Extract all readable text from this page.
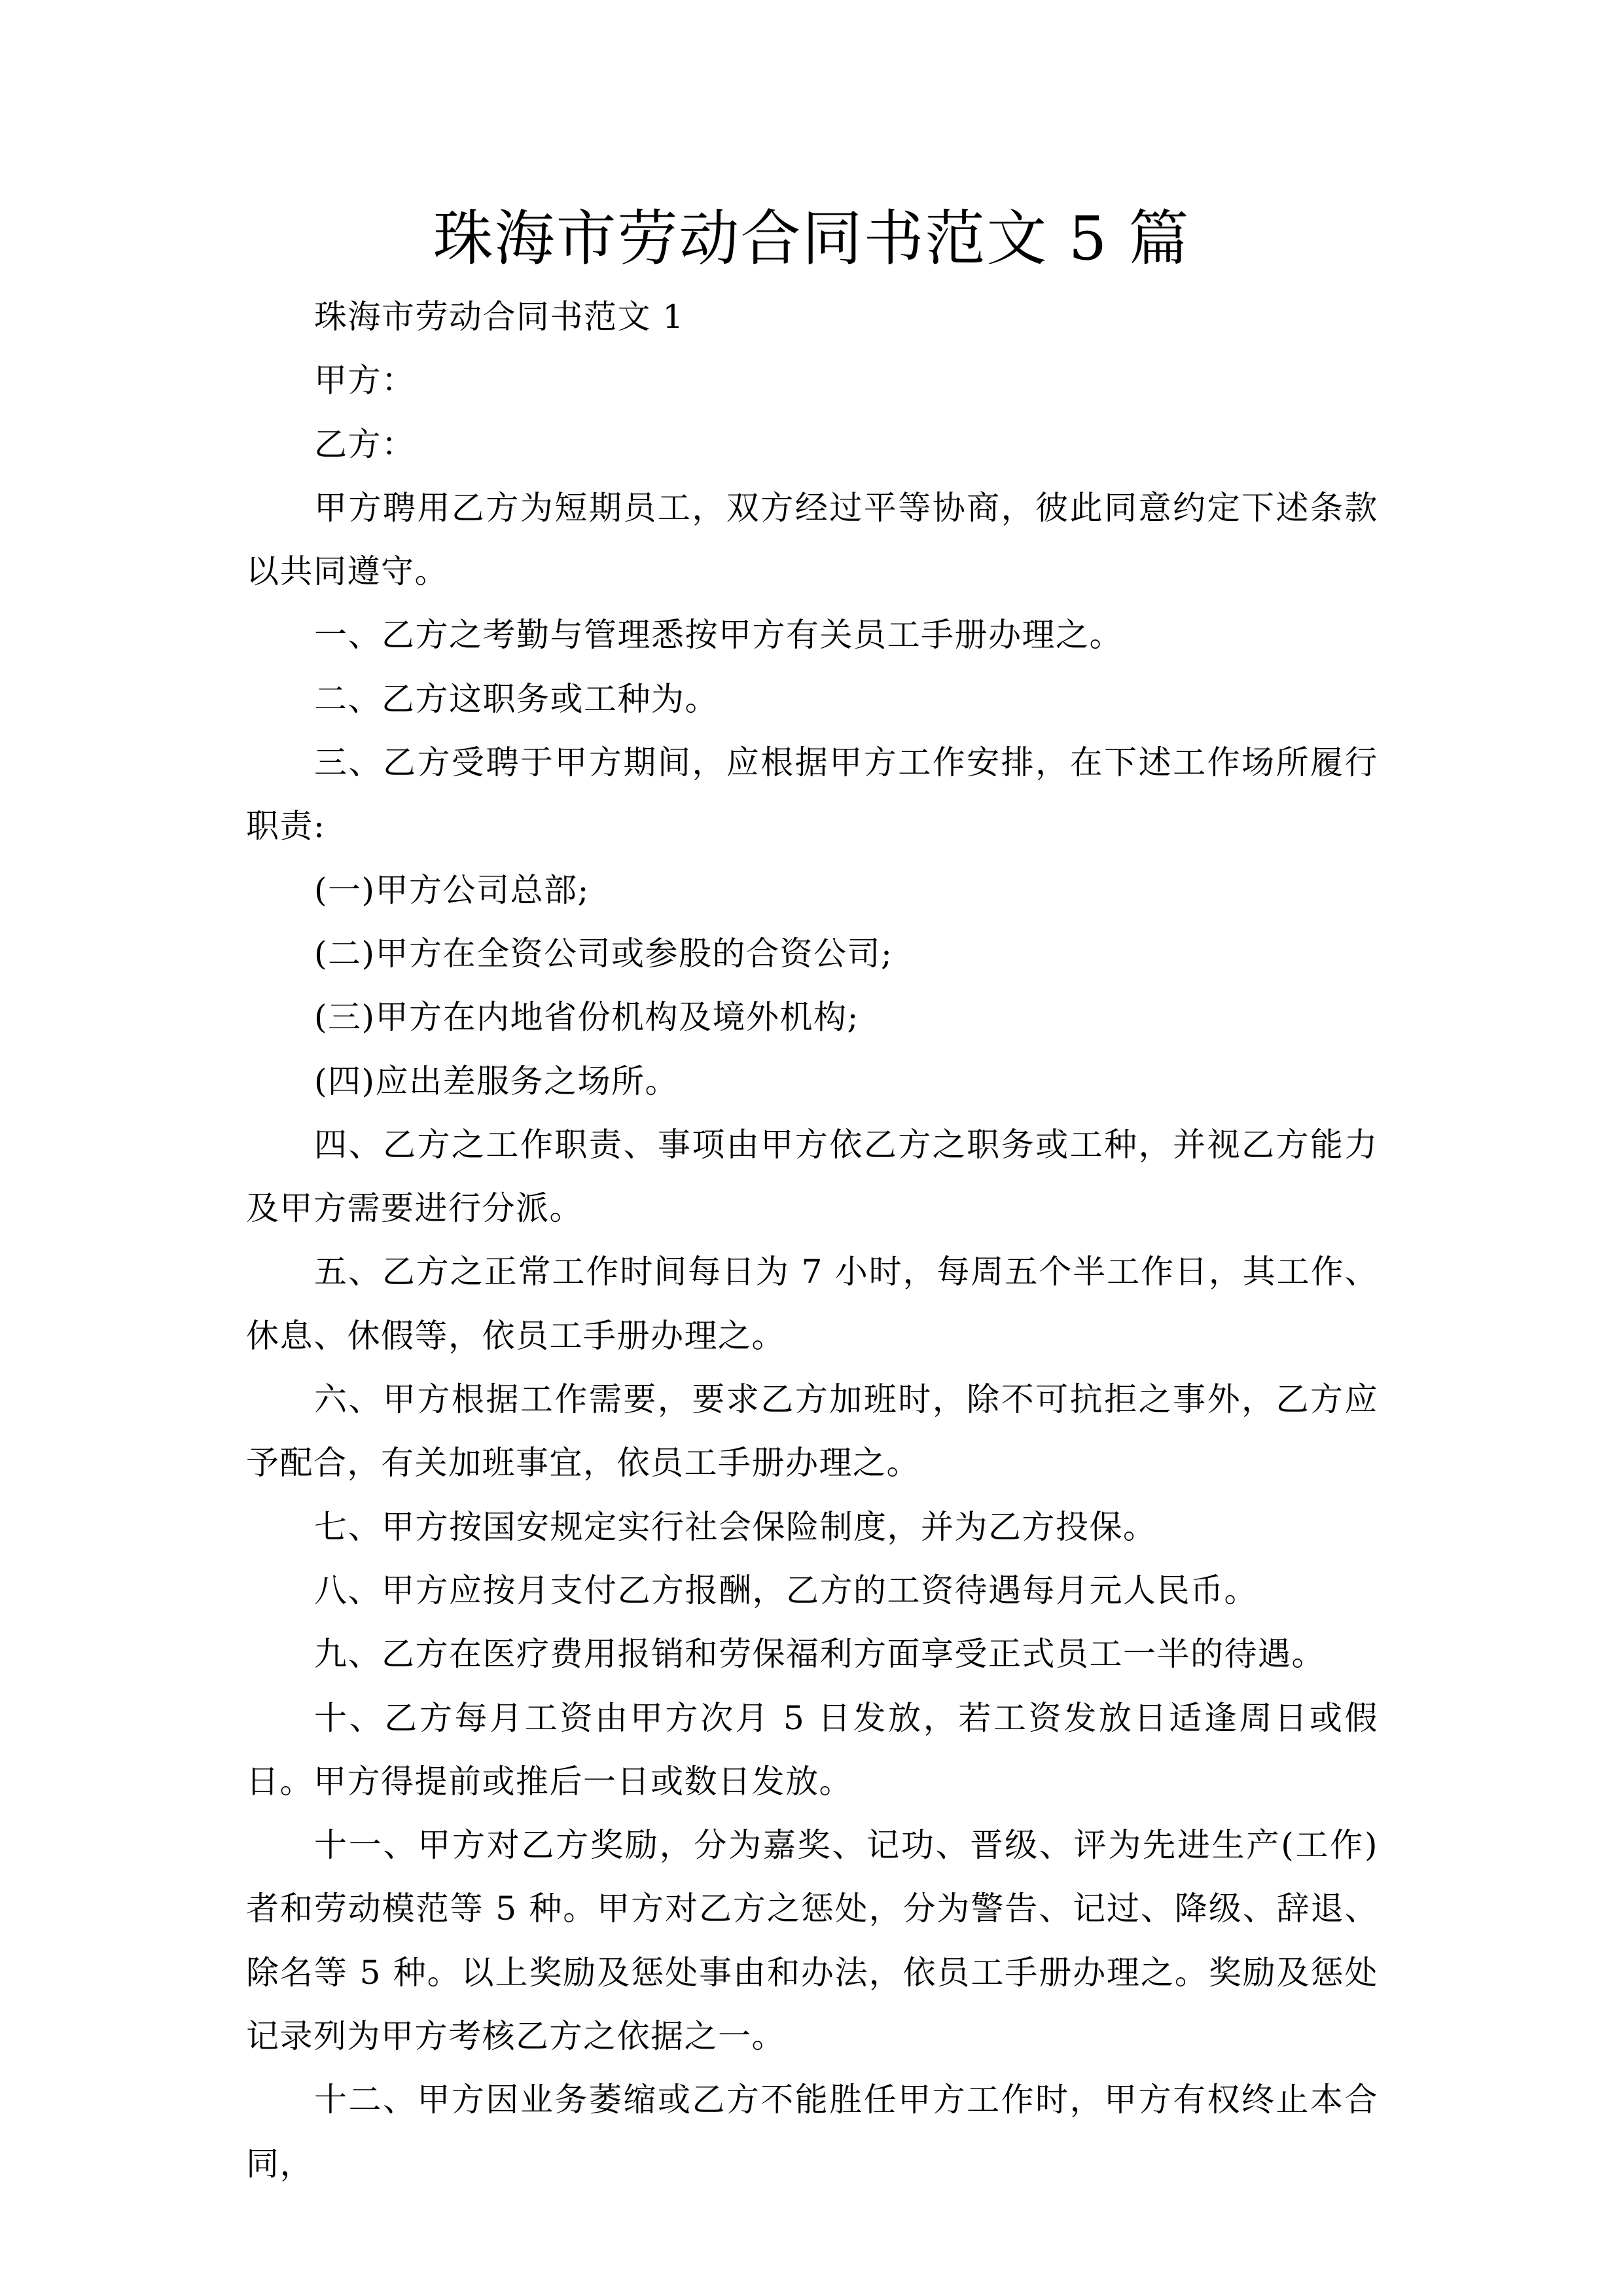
珠海市劳动合同书范文 5 篇

珠海市劳动合同书范文 1

甲方：

乙方：

甲方聘用乙方为短期员工，双方经过平等协商，彼此同意约定下述条款以共同遵守。

一、乙方之考勤与管理悉按甲方有关员工手册办理之。

二、乙方这职务或工种为。

三、乙方受聘于甲方期间，应根据甲方工作安排，在下述工作场所履行职责:

(一)甲方公司总部;

(二)甲方在全资公司或参股的合资公司;

(三)甲方在内地省份机构及境外机构;

(四)应出差服务之场所。

四、乙方之工作职责、事项由甲方依乙方之职务或工种，并视乙方能力及甲方需要进行分派。

五、乙方之正常工作时间每日为 7 小时，每周五个半工作日，其工作、休息、休假等，依员工手册办理之。

六、甲方根据工作需要，要求乙方加班时，除不可抗拒之事外，乙方应予配合，有关加班事宜，依员工手册办理之。

七、甲方按国安规定实行社会保险制度，并为乙方投保。

八、甲方应按月支付乙方报酬，乙方的工资待遇每月元人民币。

九、乙方在医疗费用报销和劳保福利方面享受正式员工一半的待遇。

十、乙方每月工资由甲方次月 5 日发放，若工资发放日适逢周日或假日。甲方得提前或推后一日或数日发放。

十一、甲方对乙方奖励，分为嘉奖、记功、晋级、评为先进生产(工作)者和劳动模范等 5 种。甲方对乙方之惩处，分为警告、记过、降级、辞退、除名等 5 种。以上奖励及惩处事由和办法，依员工手册办理之。奖励及惩处记录列为甲方考核乙方之依据之一。

十二、甲方因业务萎缩或乙方不能胜任甲方工作时，甲方有权终止本合同，
